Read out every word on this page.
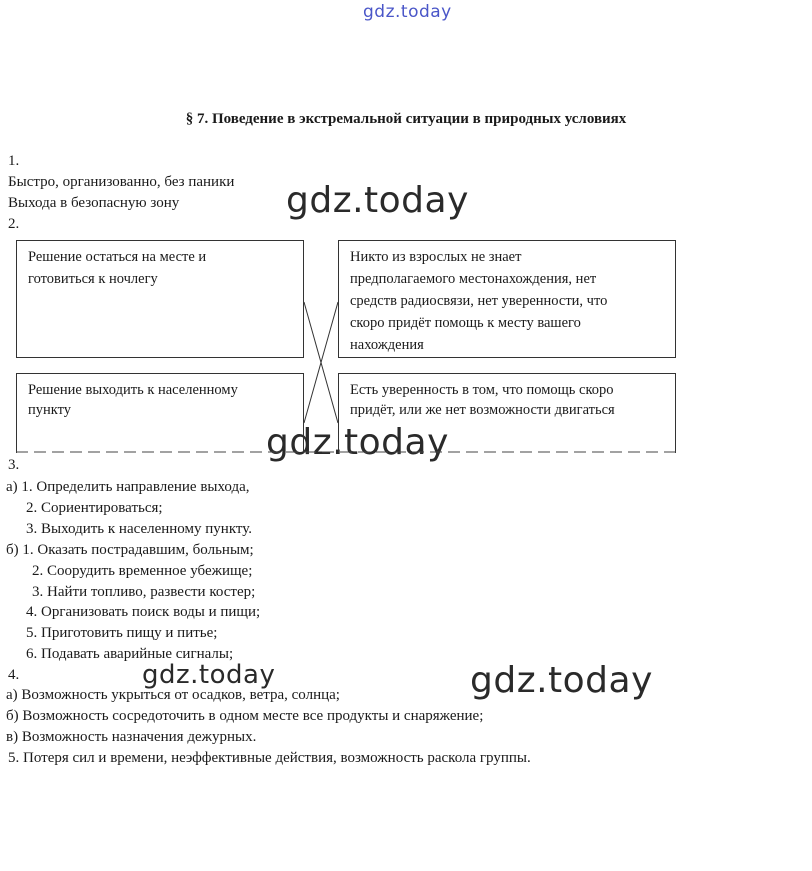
gdz.today
gdz.today
gdz.today
gdz.today	gdz.today
§ 7. Поведение в экстремальной ситуации в природных условиях
1.
Быстро, организованно, без паники
Выхода в безопасную зону
2.
Решение остаться на месте и
готовиться к ночлегу
Никто из взрослых не знает
предполагаемого местонахождения, нет
средств радиосвязи, нет уверенности, что
скоро придёт помощь к месту вашего
нахождения
Решение выходить к населенному
пункту
Есть уверенность в том, что помощь скоро
придёт, или же нет возможности двигаться
3.
а) 1. Определить направление выхода,
2. Сориентироваться;
3. Выходить к населенному пункту.
б) 1. Оказать пострадавшим, больным;
2. Соорудить временное убежище;
3. Найти топливо, развести костер;
4. Организовать поиск воды и пищи;
5. Приготовить пищу и питье;
6. Подавать аварийные сигналы;
4.
а) Возможность укрыться от осадков, ветра, солнца;
б) Возможность сосредоточить в одном месте все продукты и снаряжение;
в) Возможность назначения дежурных.
5. Потеря сил и времени, неэффективные действия, возможность раскола группы.
